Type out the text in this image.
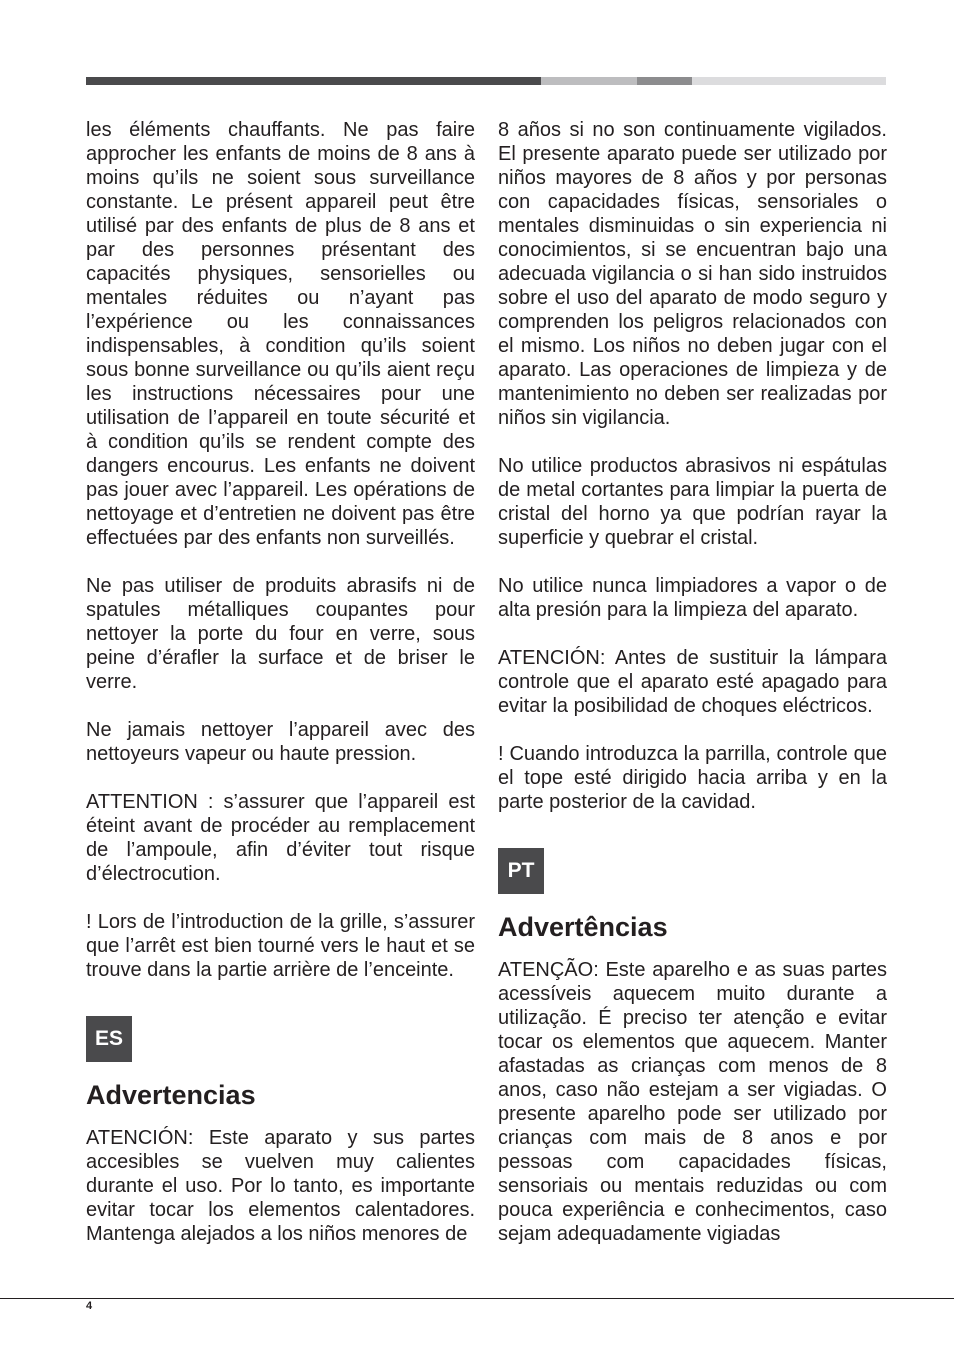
les éléments chauffants. Ne pas faire approcher les enfants de moins de 8 ans à moins qu’ils ne soient sous surveillance constante. Le présent appareil peut être utilisé par des enfants de plus de 8 ans et par des personnes présentant des capacités physiques, sensorielles ou mentales réduites ou n’ayant pas l’expérience ou les connaissances indispensables, à condition qu’ils soient sous bonne surveillance ou qu’ils aient reçu les instructions nécessaires pour une utilisation de l’appareil en toute sécurité et à condition qu’ils se rendent compte des dangers encourus. Les enfants ne doivent pas jouer avec l’appareil. Les opérations de nettoyage et d’entretien ne doivent pas être effectuées par des enfants non surveillés.

Ne pas utiliser de produits abrasifs ni de spatules métalliques coupantes pour nettoyer la porte du four en verre, sous peine d’érafler la surface et de briser le verre.

Ne jamais nettoyer l’appareil avec des nettoyeurs vapeur ou haute pression.

ATTENTION : s’assurer que l’appareil est éteint avant de procéder au remplacement de l’ampoule, afin d’éviter tout risque d’électrocution.

! Lors de l’introduction de la grille, s’assurer que l’arrêt est bien tourné vers le haut et se trouve dans la partie arrière de l’enceinte.

ES
Advertencias

ATENCIÓN: Este aparato y sus partes accesibles se vuelven muy calientes durante el uso. Por lo tanto, es importante evitar tocar los elementos calentadores. Mantenga alejados a los niños menores de

8 años si no son continuamente vigilados. El presente aparato puede ser utilizado por niños mayores de 8 años y por personas con capacidades físicas, sensoriales o mentales disminuidas o sin experiencia ni conocimientos, si se encuentran bajo una adecuada vigilancia o si han sido instruidos sobre el uso del aparato de modo seguro y comprenden los peligros relacionados con el mismo. Los niños no deben jugar con el aparato. Las operaciones de limpieza y de mantenimiento no deben ser realizadas por niños sin vigilancia.

No utilice productos abrasivos ni espátulas de metal cortantes para limpiar la puerta de cristal del horno ya que podrían rayar la superficie y quebrar el cristal.

No utilice nunca limpiadores a vapor o de alta presión para la limpieza del aparato.

ATENCIÓN: Antes de sustituir la lámpara controle que el aparato esté apagado para evitar la posibilidad de choques eléctricos.

! Cuando introduzca la parrilla, controle que el tope esté dirigido hacia arriba y en la parte posterior de la cavidad.

PT
Advertências

ATENÇÃO: Este aparelho e as suas partes acessíveis aquecem muito durante a utilização. É preciso ter atenção e evitar tocar os elementos que aquecem. Manter afastadas as crianças com menos de 8 anos, caso não estejam a ser vigiadas. O presente aparelho pode ser utilizado por crianças com mais de 8 anos e por pessoas com capacidades físicas, sensoriais ou mentais reduzidas ou com pouca experiência e conhecimentos, caso sejam adequadamente vigiadas

4
